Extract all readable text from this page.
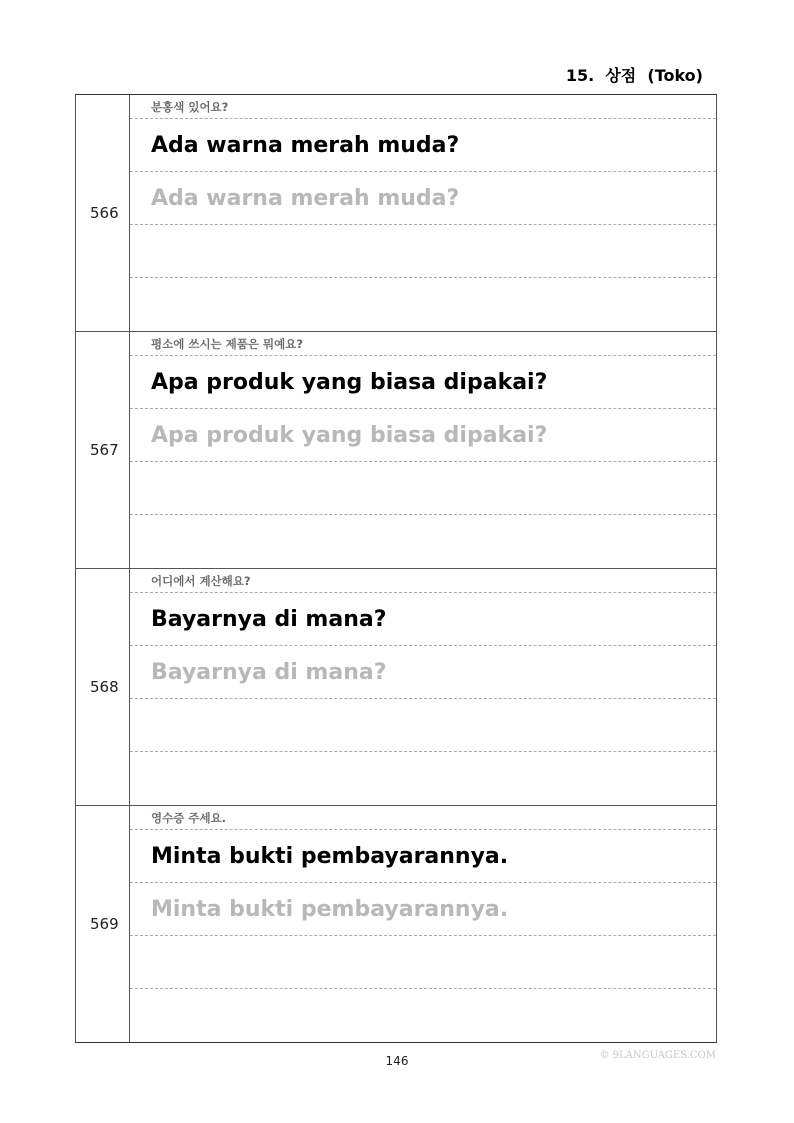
15.  상점  (Toko)
566
분홍색 있어요?
Ada warna merah muda?
Ada warna merah muda?
567
평소에 쓰시는 제품은 뭐예요?
Apa produk yang biasa dipakai?
Apa produk yang biasa dipakai?
568
어디에서 계산해요?
Bayarnya di mana?
Bayarnya di mana?
569
영수증 주세요.
Minta bukti pembayarannya.
Minta bukti pembayarannya.
146	© 9LANGUAGES.COM
